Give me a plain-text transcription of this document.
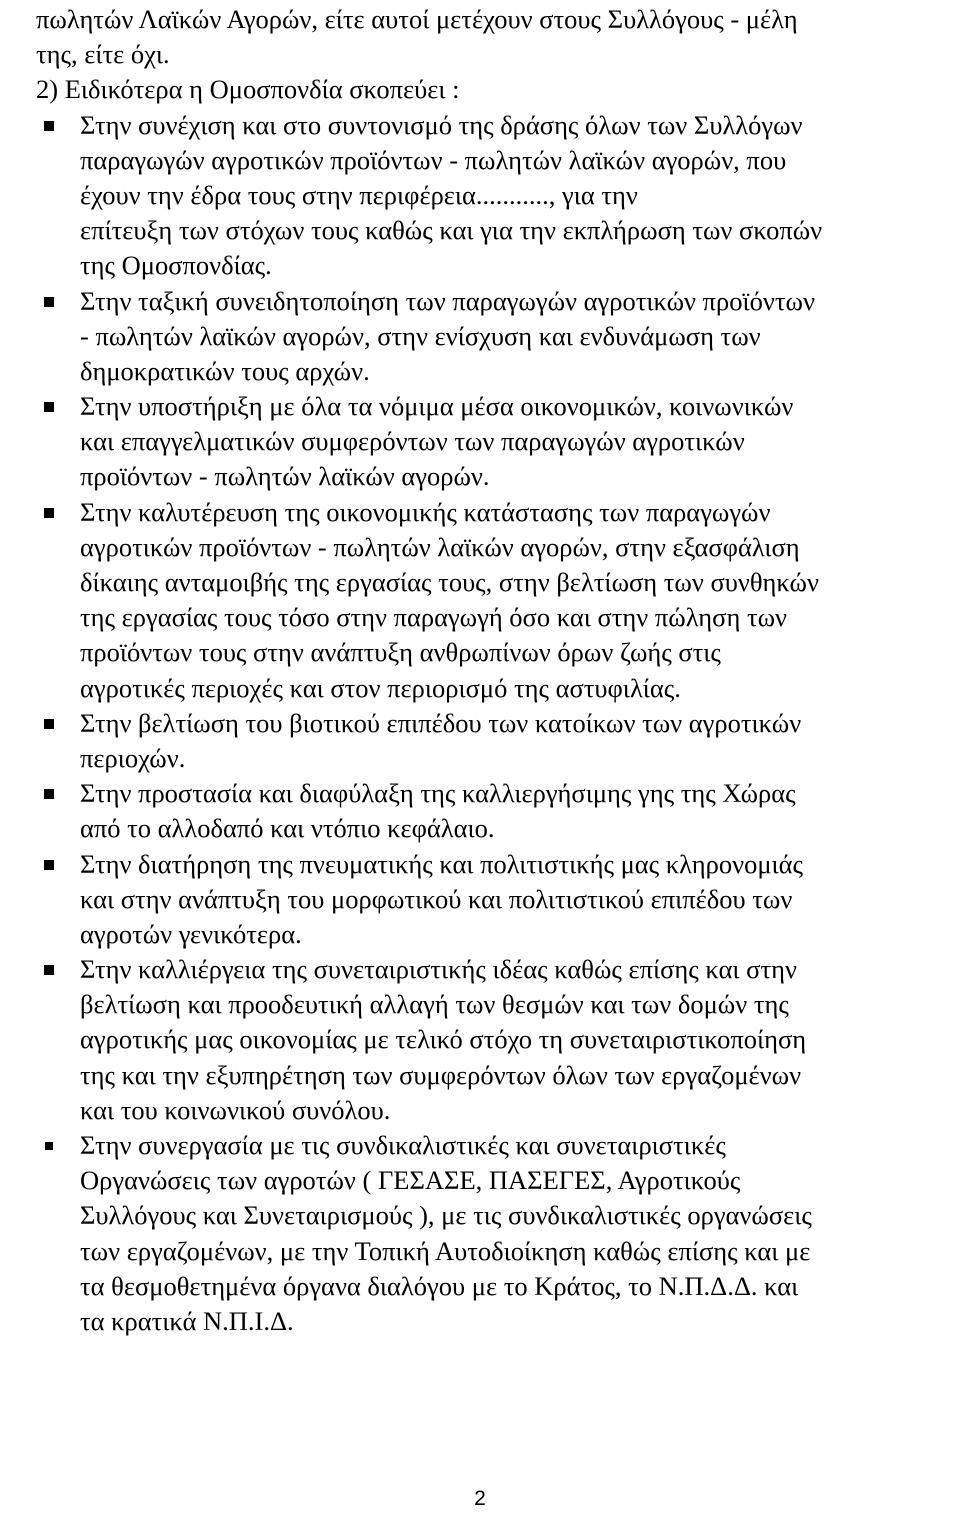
πωλητών Λαϊκών Αγορών, είτε αυτοί μετέχουν στους Συλλόγους - μέλη
της, είτε όχι.
2) Ειδικότερα η Ομοσπονδία σκοπεύει :
Στην συνέχιση και στο συντονισμό της δράσης όλων των Συλλόγων
παραγωγών αγροτικών προϊόντων - πωλητών λαϊκών αγορών, που
έχουν την έδρα τους στην περιφέρεια..........., για την
επίτευξη των στόχων τους καθώς και για την εκπλήρωση των σκοπών
της Ομοσπονδίας.
Στην ταξική συνειδητοποίηση των παραγωγών αγροτικών προϊόντων
- πωλητών λαϊκών αγορών, στην ενίσχυση και ενδυνάμωση των
δημοκρατικών τους αρχών.
Στην υποστήριξη με όλα τα νόμιμα μέσα οικονομικών, κοινωνικών
και επαγγελματικών συμφερόντων των παραγωγών αγροτικών
προϊόντων - πωλητών λαϊκών αγορών.
Στην καλυτέρευση της οικονομικής κατάστασης των παραγωγών
αγροτικών προϊόντων - πωλητών λαϊκών αγορών, στην εξασφάλιση
δίκαιης ανταμοιβής της εργασίας τους, στην βελτίωση των συνθηκών
της εργασίας τους τόσο στην παραγωγή όσο και στην πώληση των
προϊόντων τους στην ανάπτυξη ανθρωπίνων όρων ζωής στις
αγροτικές περιοχές και στον περιορισμό της αστυφιλίας.
Στην βελτίωση του βιοτικού επιπέδου των κατοίκων των αγροτικών
περιοχών.
Στην προστασία και διαφύλαξη της καλλιεργήσιμης γης της Χώρας
από το αλλοδαπό και ντόπιο κεφάλαιο.
Στην διατήρηση της πνευματικής και πολιτιστικής μας κληρονομιάς
και στην ανάπτυξη του μορφωτικού και πολιτιστικού επιπέδου των
αγροτών γενικότερα.
Στην καλλιέργεια της συνεταιριστικής ιδέας καθώς επίσης και στην
βελτίωση και προοδευτική αλλαγή των θεσμών και των δομών της
αγροτικής μας οικονομίας με τελικό στόχο τη συνεταιριστικοποίηση
της και την εξυπηρέτηση των συμφερόντων όλων των εργαζομένων
και του κοινωνικού συνόλου.
Στην συνεργασία με τις συνδικαλιστικές και συνεταιριστικές
Οργανώσεις των αγροτών ( ΓΕΣΑΣΕ, ΠΑΣΕΓΕΣ, Αγροτικούς
Συλλόγους και Συνεταιρισμούς ), με τις συνδικαλιστικές οργανώσεις
των εργαζομένων, με την Τοπική Αυτοδιοίκηση καθώς επίσης και με
τα θεσμοθετημένα όργανα διαλόγου με το Κράτος, το Ν.Π.Δ.Δ. και
τα κρατικά Ν.Π.Ι.Δ.
2
